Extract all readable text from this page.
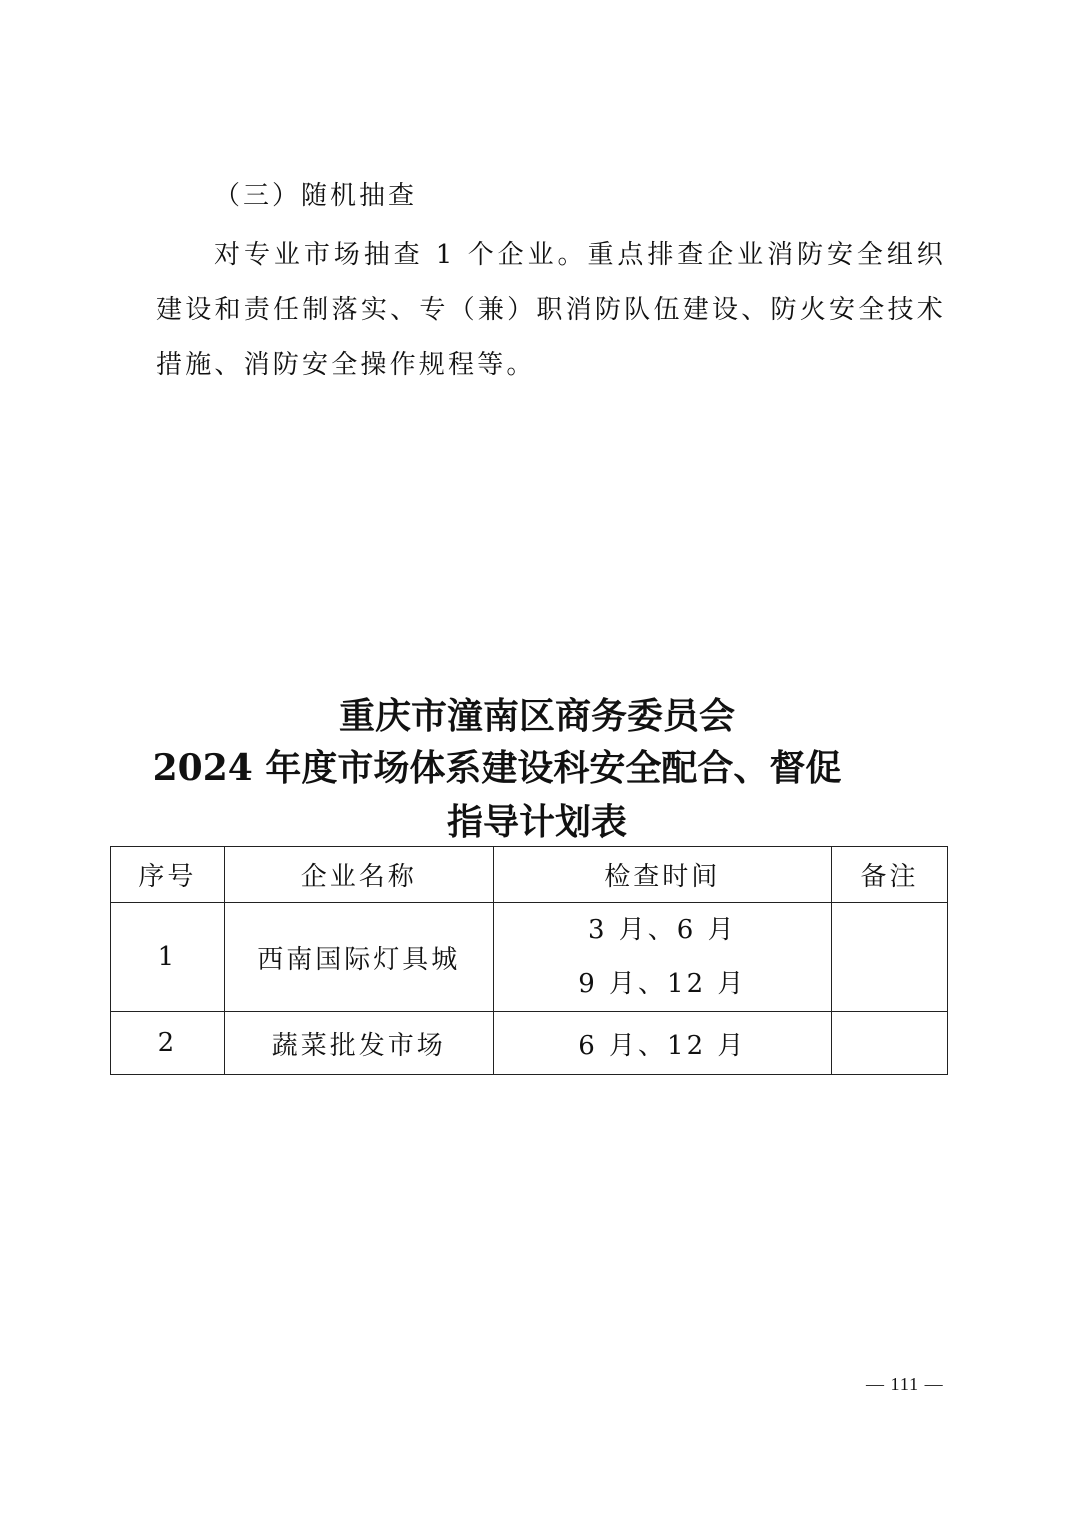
（三）随机抽查
对专业市场抽查 1 个企业。重点排查企业消防安全组织建设和责任制落实、专（兼）职消防队伍建设、防火安全技术措施、消防安全操作规程等。
重庆市潼南区商务委员会
2024 年度市场体系建设科安全配合、督促
指导计划表
序号	企业名称	检查时间	备注
1	西南国际灯具城	3 月、6 月
9 月、12 月	

2	蔬菜批发市场	6 月、12 月	
— 111 —
